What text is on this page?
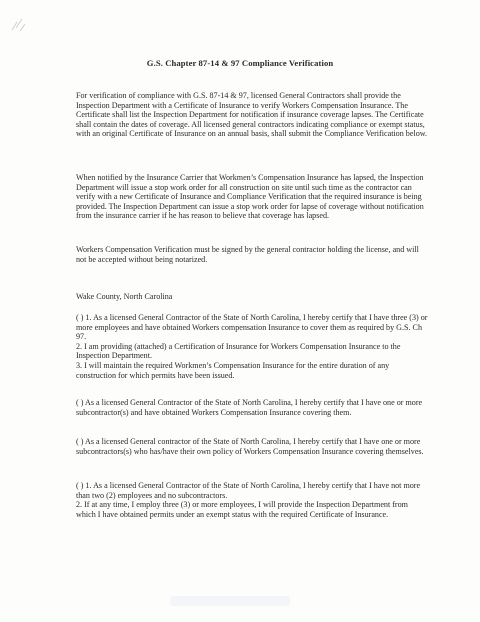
G.S. Chapter 87-14 & 97 Compliance Verification

For verification of compliance with G.S. 87-14 & 97, licensed General Contractors shall provide the Inspection Department with a Certificate of Insurance to verify Workers Compensation Insurance. The Certificate shall list the Inspection Department for notification if insurance coverage lapses. The Certificate shall contain the dates of coverage. All licensed general contractors indicating compliance or exempt status, with an original Certificate of Insurance on an annual basis, shall submit the Compliance Verification below.

When notified by the Insurance Carrier that Workmen’s Compensation Insurance has lapsed, the Inspection Department will issue a stop work order for all construction on site until such time as the contractor can verify with a new Certificate of Insurance and Compliance Verification that the required insurance is being provided. The Inspection Department can issue a stop work order for lapse of coverage without notification from the insurance carrier if he has reason to believe that coverage has lapsed.

Workers Compensation Verification must be signed by the general contractor holding the license, and will not be accepted without being notarized.

Wake County, North Carolina

( ) 1. As a licensed General Contractor of the State of North Carolina, I hereby certify that I have three (3) or more employees and have obtained Workers compensation Insurance to cover them as required by G.S. Ch 97.

2. I am providing (attached) a Certification of Insurance for Workers Compensation Insurance to the Inspection Department.

3. I will maintain the required Workmen’s Compensation Insurance for the entire duration of any construction for which permits have been issued.

( ) As a licensed General Contractor of the State of North Carolina, I hereby certify that I have one or more subcontractor(s) and have obtained Workers Compensation Insurance covering them.

( ) As a licensed General contractor of the State of North Carolina, I hereby certify that I have one or more subcontractors(s) who has/have their own policy of Workers Compensation Insurance covering themselves.

( ) 1. As a licensed General Contractor of the State of North Carolina, I hereby certify that I have not more than two (2) employees and no subcontractors.

2. If at any time, I employ three (3) or more employees, I will provide the Inspection Department from which I have obtained permits under an exempt status with the required Certificate of Insurance.
